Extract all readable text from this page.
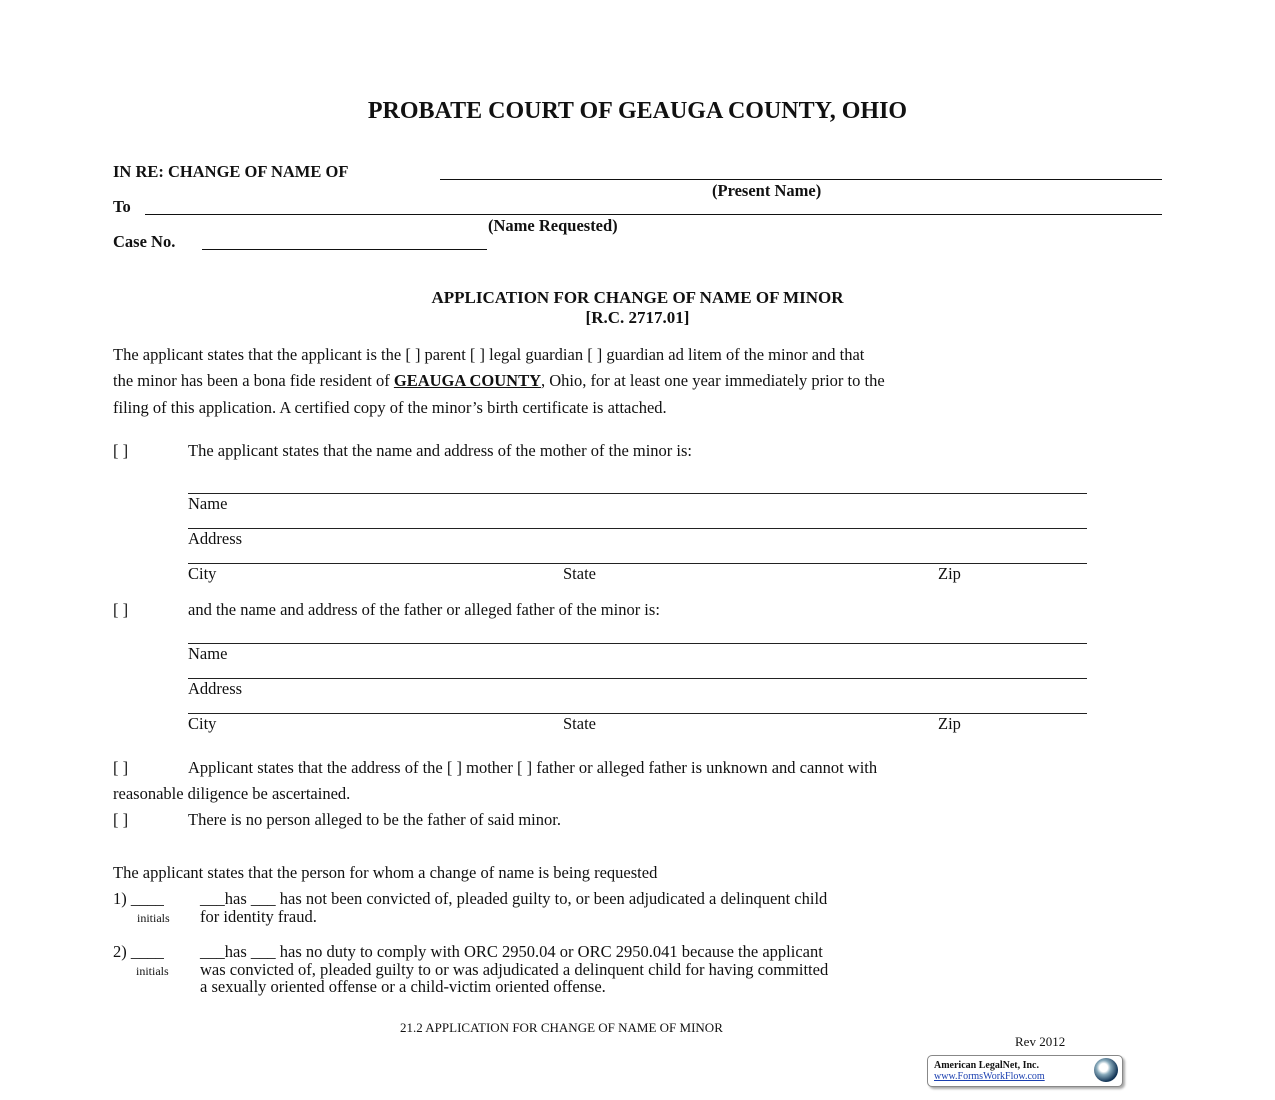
PROBATE COURT OF GEAUGA COUNTY, OHIO
IN RE: CHANGE OF NAME OF
(Present Name)
To
(Name Requested)
Case No.
APPLICATION FOR CHANGE OF NAME OF MINOR
[R.C. 2717.01]
The applicant states that the applicant is the [ ] parent [ ] legal guardian [ ] guardian ad litem of the minor and that
the minor has been a bona fide resident of GEAUGA COUNTY, Ohio, for at least one year immediately prior to the
filing of this application. A certified copy of the minor’s birth certificate is attached.
[ ]	The applicant states that the name and address of the mother of the minor is:
Name
Address
City	State	Zip
[ ]	and the name and address of the father or alleged father of the minor is:
Name
Address
City	State	Zip
[ ]	Applicant states that the address of the [ ] mother [ ] father or alleged father is unknown and cannot with
reasonable diligence be ascertained.
[ ]	There is no person alleged to be the father of said minor.
The applicant states that the person for whom a change of name is being requested
1) ____ ___has ___ has not been convicted of, pleaded guilty to, or been adjudicated a delinquent child
initials for identity fraud.
2) ____ ___has ___ has no duty to comply with ORC 2950.04 or ORC 2950.041 because the applicant
initials was convicted of, pleaded guilty to or was adjudicated a delinquent child for having committed
a sexually oriented offense or a child-victim oriented offense.
21.2 APPLICATION FOR CHANGE OF NAME OF MINOR
Rev 2012
American LegalNet, Inc.
www.FormsWorkFlow.com
